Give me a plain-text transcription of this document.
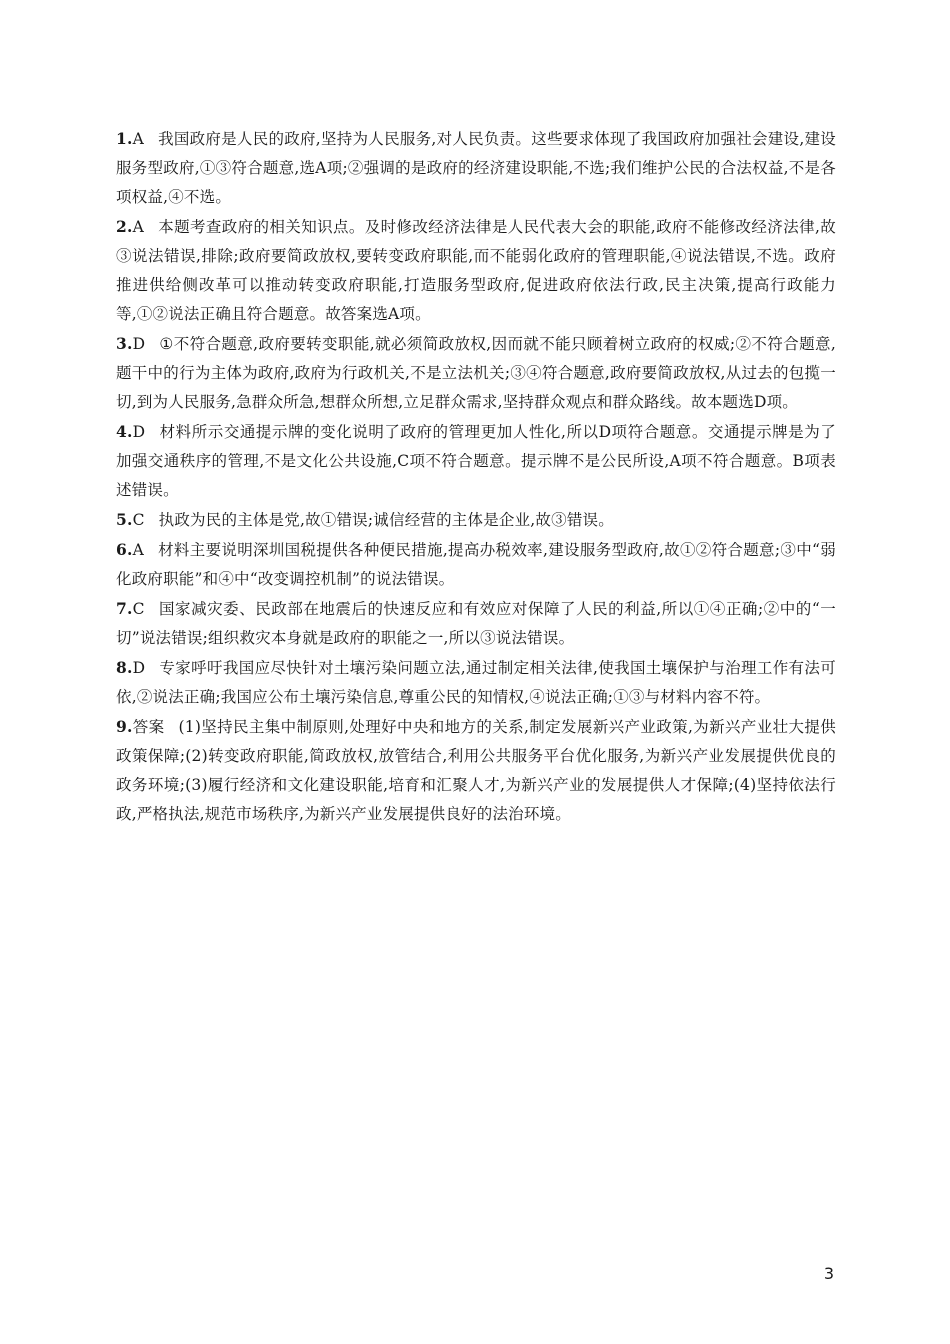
1.A 我国政府是人民的政府,坚持为人民服务,对人民负责。这些要求体现了我国政府加强社会建设,建设服务型政府,①③符合题意,选A项;②强调的是政府的经济建设职能,不选;我们维护公民的合法权益,不是各项权益,④不选。
2.A 本题考查政府的相关知识点。及时修改经济法律是人民代表大会的职能,政府不能修改经济法律,故③说法错误,排除;政府要简政放权,要转变政府职能,而不能弱化政府的管理职能,④说法错误,不选。政府推进供给侧改革可以推动转变政府职能,打造服务型政府,促进政府依法行政,民主决策,提高行政能力等,①②说法正确且符合题意。故答案选A项。
3.D ①不符合题意,政府要转变职能,就必须简政放权,因而就不能只顾着树立政府的权威;②不符合题意,题干中的行为主体为政府,政府为行政机关,不是立法机关;③④符合题意,政府要简政放权,从过去的包揽一切,到为人民服务,急群众所急,想群众所想,立足群众需求,坚持群众观点和群众路线。故本题选D项。
4.D 材料所示交通提示牌的变化说明了政府的管理更加人性化,所以D项符合题意。交通提示牌是为了加强交通秩序的管理,不是文化公共设施,C项不符合题意。提示牌不是公民所设,A项不符合题意。B项表述错误。
5.C 执政为民的主体是党,故①错误;诚信经营的主体是企业,故③错误。
6.A 材料主要说明深圳国税提供各种便民措施,提高办税效率,建设服务型政府,故①②符合题意;③中“弱化政府职能”和④中“改变调控机制”的说法错误。
7.C 国家减灾委、民政部在地震后的快速反应和有效应对保障了人民的利益,所以①④正确;②中的“一切”说法错误;组织救灾本身就是政府的职能之一,所以③说法错误。
8.D 专家呼吁我国应尽快针对土壤污染问题立法,通过制定相关法律,使我国土壤保护与治理工作有法可依,②说法正确;我国应公布土壤污染信息,尊重公民的知情权,④说法正确;①③与材料内容不符。
9.答案 (1)坚持民主集中制原则,处理好中央和地方的关系,制定发展新兴产业政策,为新兴产业壮大提供政策保障;(2)转变政府职能,简政放权,放管结合,利用公共服务平台优化服务,为新兴产业发展提供优良的政务环境;(3)履行经济和文化建设职能,培育和汇聚人才,为新兴产业的发展提供人才保障;(4)坚持依法行政,严格执法,规范市场秩序,为新兴产业发展提供良好的法治环境。
3
